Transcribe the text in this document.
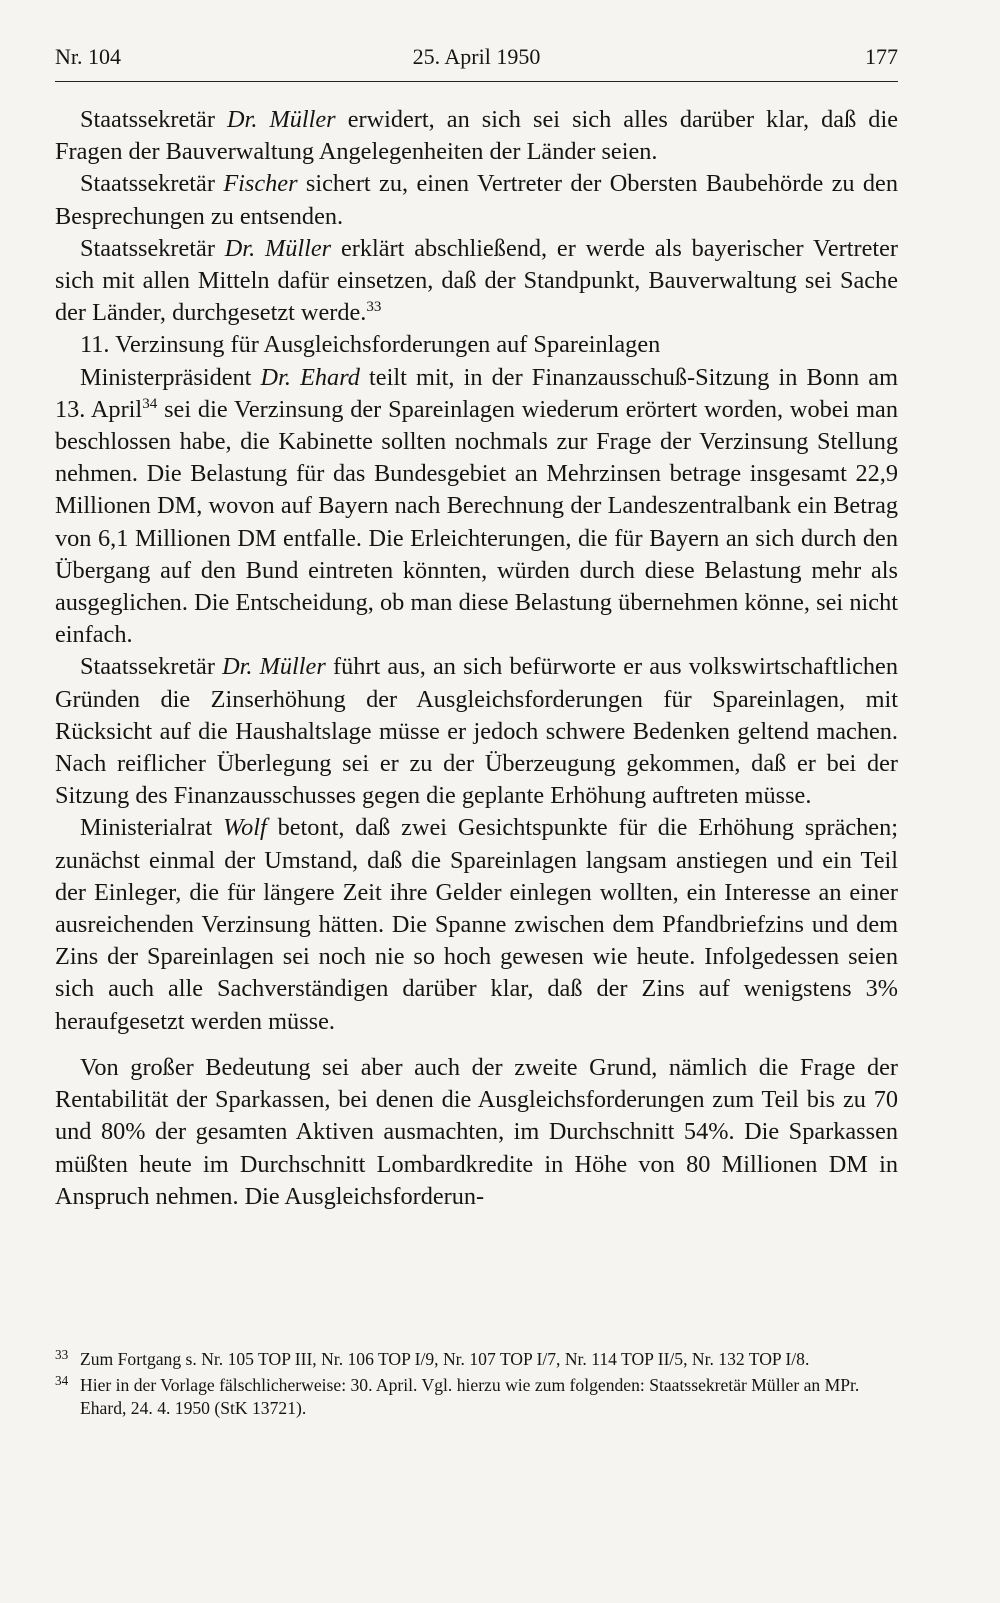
Nr. 104	25. April 1950	177

Staatssekretär Dr. Müller erwidert, an sich sei sich alles darüber klar, daß die Fragen der Bauverwaltung Angelegenheiten der Länder seien.

Staatssekretär Fischer sichert zu, einen Vertreter der Obersten Baubehörde zu den Besprechungen zu entsenden.

Staatssekretär Dr. Müller erklärt abschließend, er werde als bayerischer Vertreter sich mit allen Mitteln dafür einsetzen, daß der Standpunkt, Bauverwaltung sei Sache der Länder, durchgesetzt werde.$^{33}$

11. Verzinsung für Ausgleichsforderungen auf Spareinlagen

Ministerpräsident Dr. Ehard teilt mit, in der Finanzausschuß-Sitzung in Bonn am 13. April$^{34}$ sei die Verzinsung der Spareinlagen wiederum erörtert worden, wobei man beschlossen habe, die Kabinette sollten nochmals zur Frage der Verzinsung Stellung nehmen. Die Belastung für das Bundesgebiet an Mehrzinsen betrage insgesamt 22,9 Millionen DM, wovon auf Bayern nach Berechnung der Landeszentralbank ein Betrag von 6,1 Millionen DM entfalle. Die Erleichterungen, die für Bayern an sich durch den Übergang auf den Bund eintreten könnten, würden durch diese Belastung mehr als ausgeglichen. Die Entscheidung, ob man diese Belastung übernehmen könne, sei nicht einfach.

Staatssekretär Dr. Müller führt aus, an sich befürworte er aus volkswirtschaftlichen Gründen die Zinserhöhung der Ausgleichsforderungen für Spareinlagen, mit Rücksicht auf die Haushaltslage müsse er jedoch schwere Bedenken geltend machen. Nach reiflicher Überlegung sei er zu der Überzeugung gekommen, daß er bei der Sitzung des Finanzausschusses gegen die geplante Erhöhung auftreten müsse.

Ministerialrat Wolf betont, daß zwei Gesichtspunkte für die Erhöhung sprächen; zunächst einmal der Umstand, daß die Spareinlagen langsam anstiegen und ein Teil der Einleger, die für längere Zeit ihre Gelder einlegen wollten, ein Interesse an einer ausreichenden Verzinsung hätten. Die Spanne zwischen dem Pfandbriefzins und dem Zins der Spareinlagen sei noch nie so hoch gewesen wie heute. Infolgedessen seien sich auch alle Sachverständigen darüber klar, daß der Zins auf wenigstens 3% heraufgesetzt werden müsse.

Von großer Bedeutung sei aber auch der zweite Grund, nämlich die Frage der Rentabilität der Sparkassen, bei denen die Ausgleichsforderungen zum Teil bis zu 70 und 80% der gesamten Aktiven ausmachten, im Durchschnitt 54%. Die Sparkassen müßten heute im Durchschnitt Lombardkredite in Höhe von 80 Millionen DM in Anspruch nehmen. Die Ausgleichsforderun-

33 Zum Fortgang s. Nr. 105 TOP III, Nr. 106 TOP I/9, Nr. 107 TOP I/7, Nr. 114 TOP II/5, Nr. 132 TOP I/8.
34 Hier in der Vorlage fälschlicherweise: 30. April. Vgl. hierzu wie zum folgenden: Staatssekretär Müller an MPr. Ehard, 24. 4. 1950 (StK 13721).
